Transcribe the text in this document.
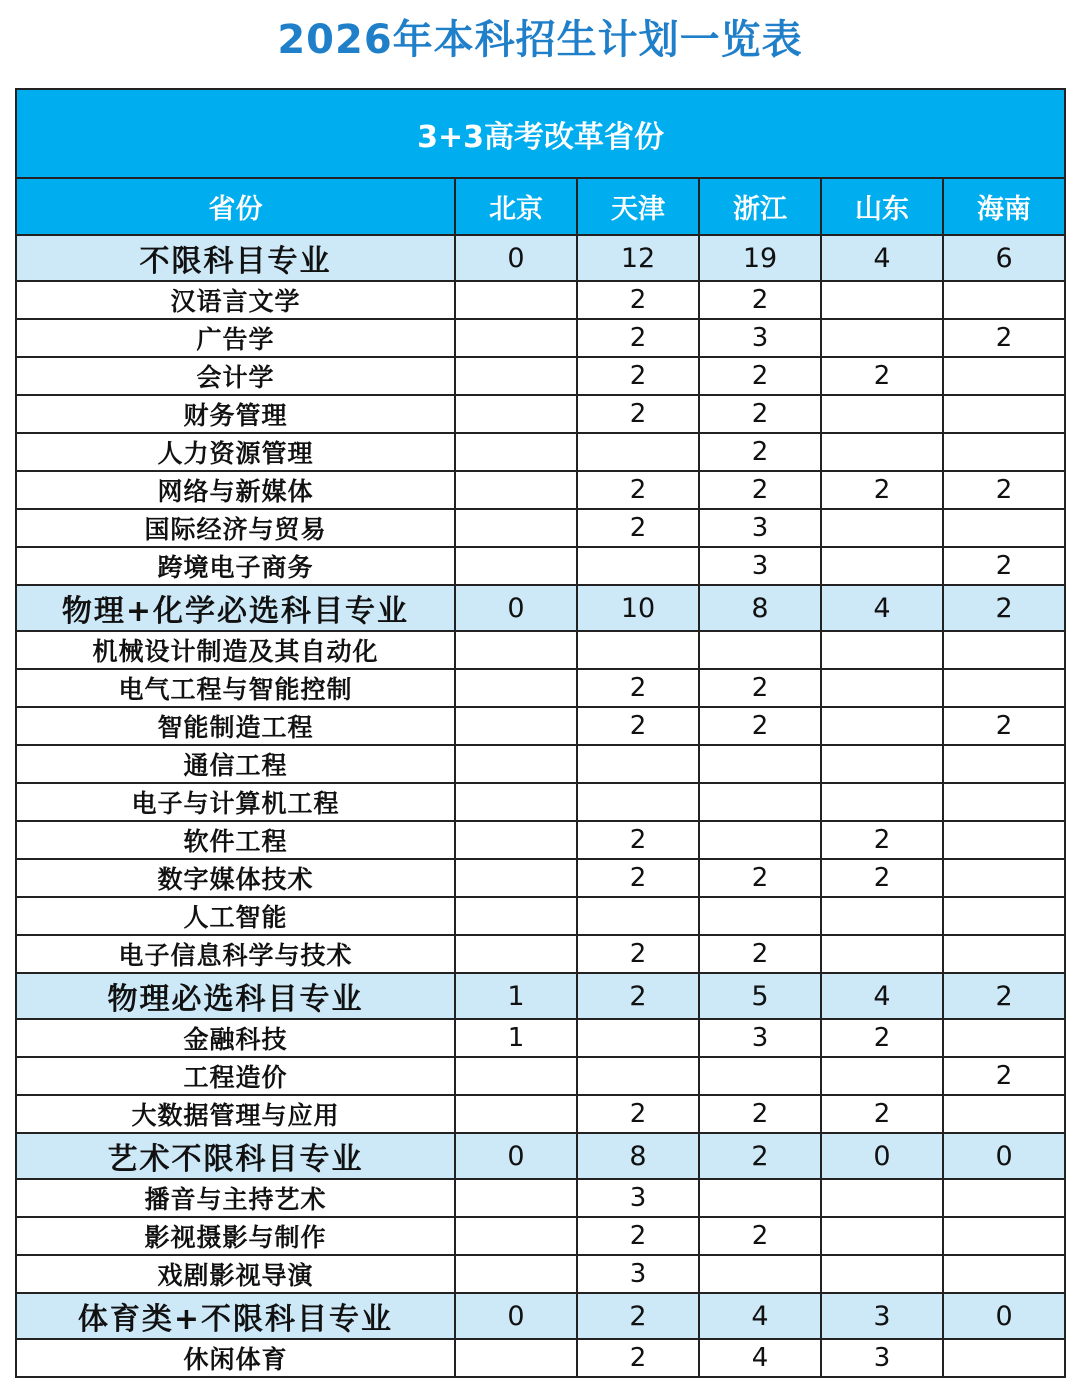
2026年本科招生计划一览表
3+3高考改革省份					
省份	北京	天津	浙江	山东	海南
不限科目专业	0	12	19	4	6
汉语言文学		2	2		
广告学		2	3		2
会计学		2	2	2	
财务管理		2	2		
人力资源管理			2		
网络与新媒体		2	2	2	2
国际经济与贸易		2	3		
跨境电子商务			3		2
物理+化学必选科目专业	0	10	8	4	2
机械设计制造及其自动化					
电气工程与智能控制		2	2		
智能制造工程		2	2		2
通信工程					
电子与计算机工程					
软件工程		2		2	
数字媒体技术		2	2	2	
人工智能					
电子信息科学与技术		2	2		
物理必选科目专业	1	2	5	4	2
金融科技	1		3	2	
工程造价					2
大数据管理与应用		2	2	2	
艺术不限科目专业	0	8	2	0	0
播音与主持艺术		3			
影视摄影与制作		2	2		
戏剧影视导演		3			
体育类+不限科目专业	0	2	4	3	0
休闲体育		2	4	3	
